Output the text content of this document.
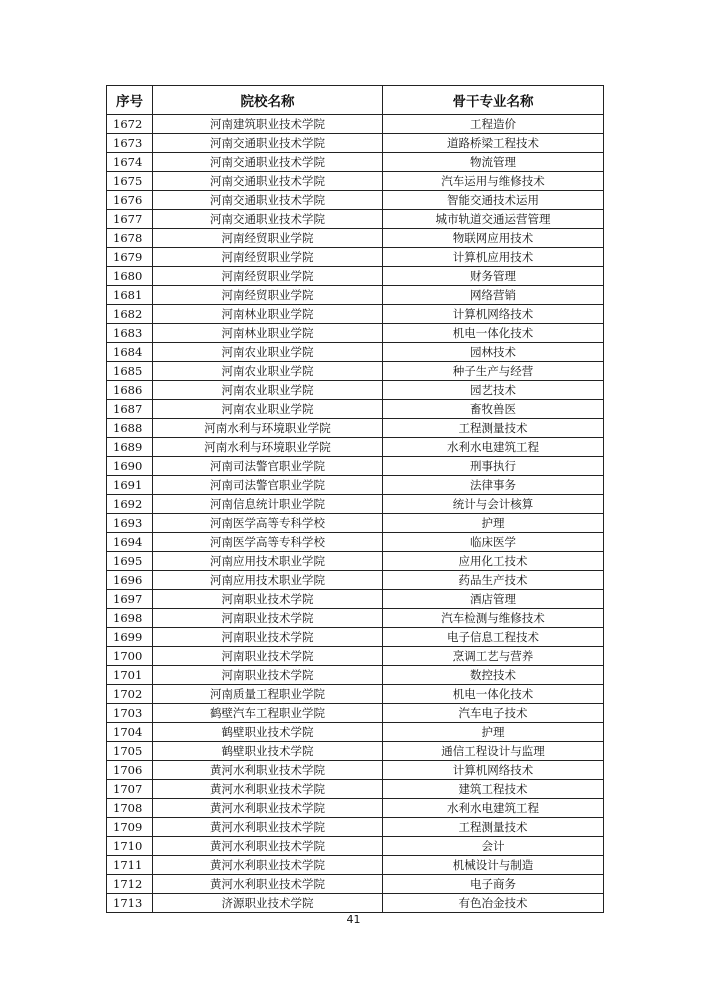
序号	院校名称	骨干专业名称
1672	河南建筑职业技术学院	工程造价
1673	河南交通职业技术学院	道路桥梁工程技术
1674	河南交通职业技术学院	物流管理
1675	河南交通职业技术学院	汽车运用与维修技术
1676	河南交通职业技术学院	智能交通技术运用
1677	河南交通职业技术学院	城市轨道交通运营管理
1678	河南经贸职业学院	物联网应用技术
1679	河南经贸职业学院	计算机应用技术
1680	河南经贸职业学院	财务管理
1681	河南经贸职业学院	网络营销
1682	河南林业职业学院	计算机网络技术
1683	河南林业职业学院	机电一体化技术
1684	河南农业职业学院	园林技术
1685	河南农业职业学院	种子生产与经营
1686	河南农业职业学院	园艺技术
1687	河南农业职业学院	畜牧兽医
1688	河南水利与环境职业学院	工程测量技术
1689	河南水利与环境职业学院	水利水电建筑工程
1690	河南司法警官职业学院	刑事执行
1691	河南司法警官职业学院	法律事务
1692	河南信息统计职业学院	统计与会计核算
1693	河南医学高等专科学校	护理
1694	河南医学高等专科学校	临床医学
1695	河南应用技术职业学院	应用化工技术
1696	河南应用技术职业学院	药品生产技术
1697	河南职业技术学院	酒店管理
1698	河南职业技术学院	汽车检测与维修技术
1699	河南职业技术学院	电子信息工程技术
1700	河南职业技术学院	烹调工艺与营养
1701	河南职业技术学院	数控技术
1702	河南质量工程职业学院	机电一体化技术
1703	鹤壁汽车工程职业学院	汽车电子技术
1704	鹤壁职业技术学院	护理
1705	鹤壁职业技术学院	通信工程设计与监理
1706	黄河水利职业技术学院	计算机网络技术
1707	黄河水利职业技术学院	建筑工程技术
1708	黄河水利职业技术学院	水利水电建筑工程
1709	黄河水利职业技术学院	工程测量技术
1710	黄河水利职业技术学院	会计
1711	黄河水利职业技术学院	机械设计与制造
1712	黄河水利职业技术学院	电子商务
1713	济源职业技术学院	有色冶金技术
41
